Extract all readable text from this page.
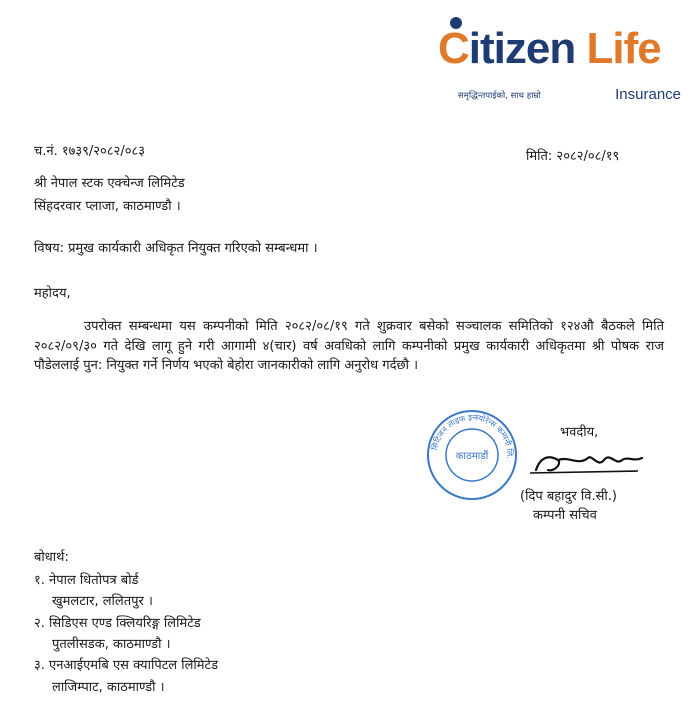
Citizen Life
समृद्धिन्तपाईको, साथ हाम्रो	Insurance
च.नं. १७३९/२०८२/०८३	मिति: २०८२/०८/१९
श्री नेपाल स्टक एक्चेन्ज लिमिटेड
सिंहदरवार प्लाजा, काठमाण्डौ ।
विषय: प्रमुख कार्यकारी अधिकृत नियुक्त गरिएको सम्बन्धमा ।
महोदय,
उपरोक्त सम्बन्धमा यस कम्पनीको मिति २०८२/०८/१९ गते शुक्रवार बसेको सञ्चालक समितिको १२४औ बैठकले मिति २०८२/०९/३० गते देखि लागू हुने गरी आगामी ४(चार) वर्ष अवधिको लागि कम्पनीको प्रमुख कार्यकारी अधिकृतमा श्री पोषक राज पौडेललाई पुन: नियुक्त गर्ने निर्णय भएको बेहोरा जानकारीको लागि अनुरोध गर्दछौ ।
भवदीय,
सिटिजन लाइफ इन्स्योरेन्स कम्पनी लि.
काठमाडौं
(दिप बहादुर वि.सी.)
कम्पनी सचिव
बोधार्थ:
१. नेपाल धितोपत्र बोर्ड
खुमलटार, ललितपुर ।
२. सिडिएस एण्ड क्लियरिङ्ग लिमिटेड
पुतलीसडक, काठमाण्डौ ।
३. एनआईएमबि एस क्यापिटल लिमिटेड
लाजिम्पाट, काठमाण्डौ ।
